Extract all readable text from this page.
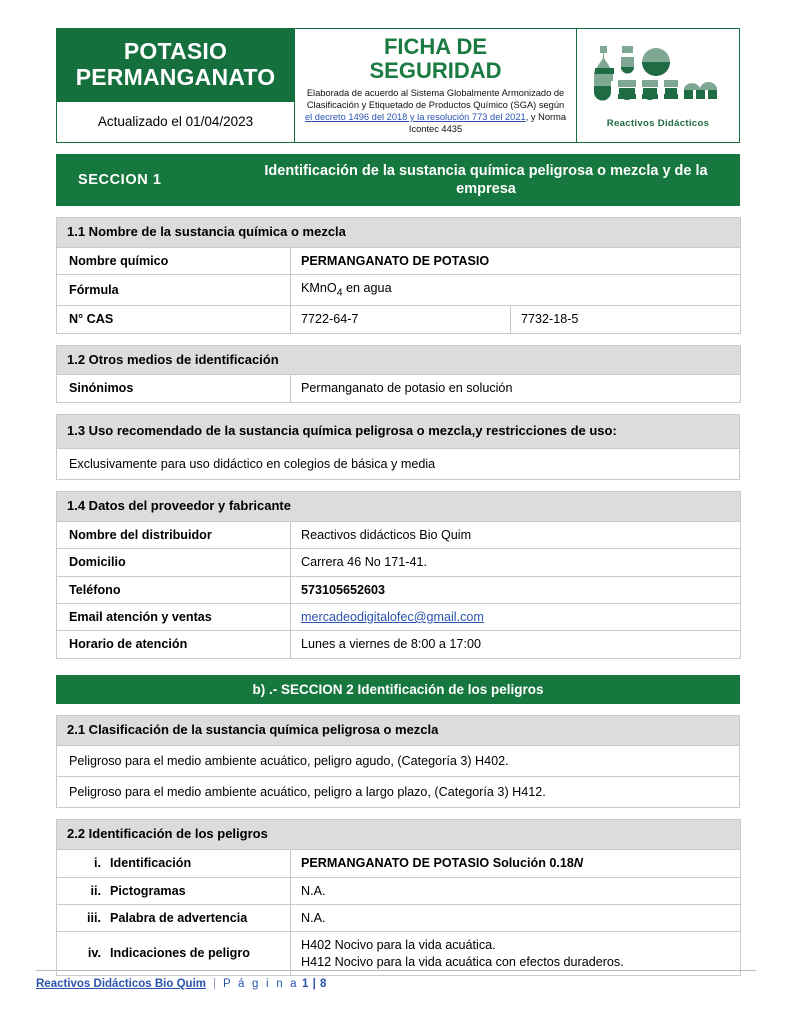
POTASIO
PERMANGANATO
Actualizado el 01/04/2023
FICHA DE
SEGURIDAD
Elaborada de acuerdo al Sistema Globalmente Armonizado de Clasificación y Etiquetado de Productos Químico (SGA) según el decreto 1496 del 2018 y la resolución 773 del 2021, y Norma Icontec 4435
Reactivos Didácticos
SECCION 1
Identificación de la sustancia química peligrosa o mezcla y de la empresa
1.1 Nombre de la sustancia química o mezcla		
Nombre químico	PERMANGANATO DE POTASIO	
Fórmula	KMnO$_4$ en agua	
N° CAS	7722-64-7	7732-18-5
1.2 Otros medios de identificación
Sinónimos	Permanganato de potasio en solución
1.3 Uso recomendado de la sustancia química peligrosa o mezcla,y restricciones de uso:
Exclusivamente para uso didáctico en colegios de básica y media
1.4 Datos del proveedor y fabricante	
Nombre del distribuidor	Reactivos didácticos Bio Quim
Domicilio	Carrera 46 No 171-41.
Teléfono	573105652603
Email atención y ventas	mercadeodigitalofec@gmail.com
Horario de atención	Lunes a viernes de 8:00 a 17:00
b) .- SECCION 2 Identificación de los peligros
2.1 Clasificación de la sustancia química peligrosa o mezcla
Peligroso para el medio ambiente acuático, peligro agudo, (Categoría 3) H402.
Peligroso para el medio ambiente acuático, peligro a largo plazo, (Categoría 3) H412.
2.2 Identificación de los peligros	
i. Identificación	PERMANGANATO DE POTASIO Solución 0.18N
ii. Pictogramas	N.A.
iii. Palabra de advertencia	N.A.
iv. Indicaciones de peligro	H402 Nocivo para la vida acuática.
H412 Nocivo para la vida acuática con efectos duraderos.
Reactivos Didácticos Bio Quim | P á g i n a 1 | 8
